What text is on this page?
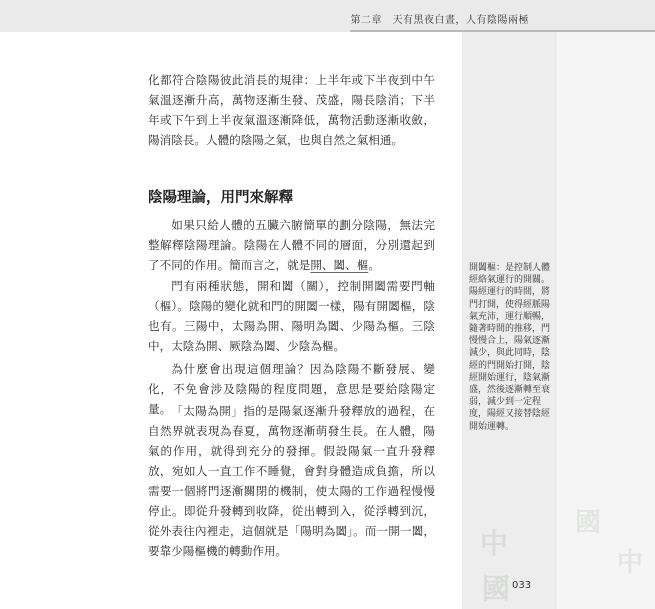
第二章　天有黑夜白晝，人有陰陽兩極
中
國
國
中
開闔樞：是控制人體經絡氣運行的開關。陽經運行的時間，將門打開，使得經脈陽氣充沛，運行順暢，隨著時間的推移，門慢慢合上，陽氣逐漸減少，與此同時，陰經的門開始打開，陰經開始運行，陰氣漸盛，然後逐漸轉至衰弱，減少到一定程度，陽經又接替陰經開始運轉。

化都符合陰陽彼此消長的規律：上半年或下半夜到中午氣溫逐漸升高，萬物逐漸生發、茂盛，陽長陰消；下半年或下午到上半夜氣溫逐漸降低，萬物活動逐漸收斂，陽消陰長。人體的陰陽之氣，也與自然之氣相通。

陰陽理論，用門來解釋

如果只給人體的五臟六腑簡單的劃分陰陽，無法完整解釋陰陽理論。陰陽在人體不同的層面，分別還起到了不同的作用。簡而言之，就是開、闔、樞。

門有兩種狀態，開和闔（關），控制開闔需要門軸（樞）。陰陽的變化就和門的開闔一樣，陽有開闔樞，陰也有。三陽中，太陽為開、陽明為闔、少陽為樞。三陰中，太陰為開、厥陰為闔、少陰為樞。

為什麼會出現這個理論？因為陰陽不斷發展、變化，不免會涉及陰陽的程度問題，意思是要給陰陽定量。 「太陽為開」指的是陽氣逐漸升發釋放的過程，在自然界就表現為春夏，萬物逐漸萌發生長。在人體，陽氣的作用，就得到充分的發揮。假設陽氣一直升發釋放，宛如人一直工作不睡覺，會對身體造成負擔，所以需要一個將門逐漸關閉的機制，使太陽的工作過程慢慢停止。即從升發轉到收降，從出轉到入，從浮轉到沉，從外表往內裡走，這個就是「陽明為闔」。而一開一闔，要靠少陽樞機的轉動作用。

033
